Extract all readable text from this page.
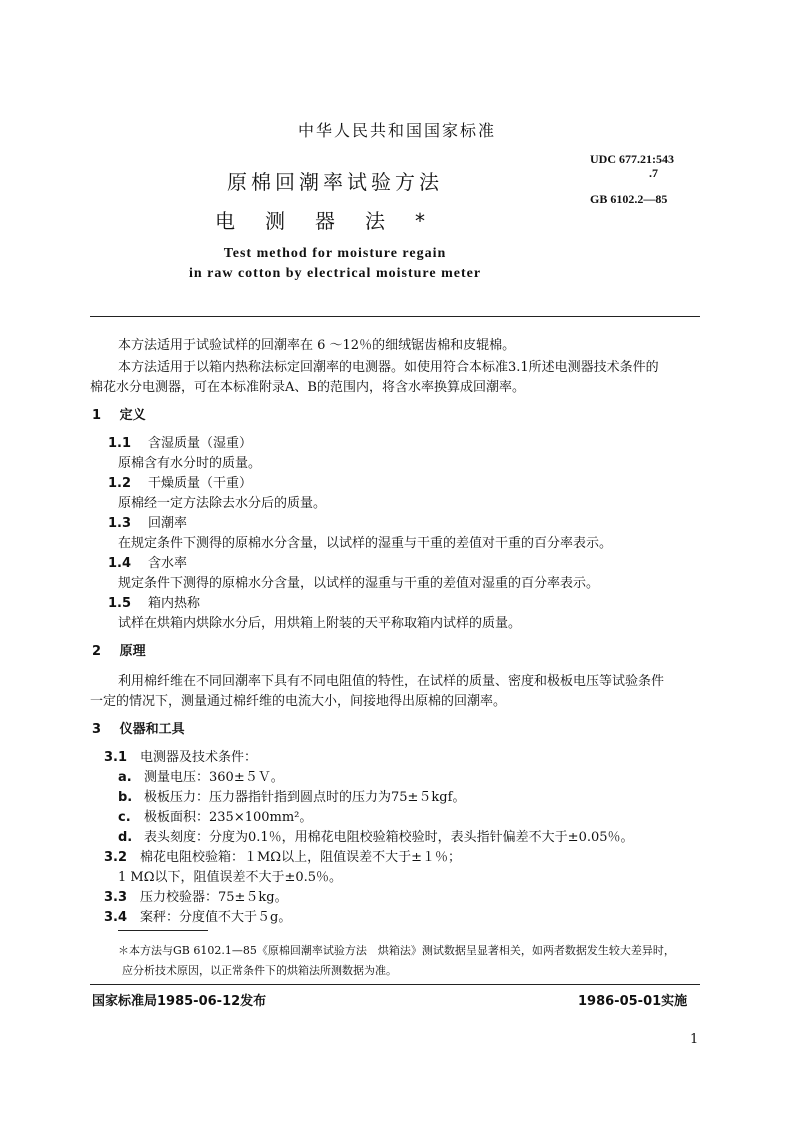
中华人民共和国国家标准
原棉回潮率试验方法
电测器法*
Test method for moisture regain
in raw cotton by electrical moisture meter
UDC 677.21:543
.7
GB 6102.2—85
本方法适用于试验试样的回潮率在 6 ～12％的细绒锯齿棉和皮辊棉。
本方法适用于以箱内热称法标定回潮率的电测器。如使用符合本标准3.1所述电测器技术条件的
棉花水分电测器，可在本标准附录A、B的范围内，将含水率换算成回潮率。
1 定义
1.1 含湿质量（湿重）
原棉含有水分时的质量。
1.2 干燥质量（干重）
原棉经一定方法除去水分后的质量。
1.3 回潮率
在规定条件下测得的原棉水分含量，以试样的湿重与干重的差值对干重的百分率表示。
1.4 含水率
规定条件下测得的原棉水分含量，以试样的湿重与干重的差值对湿重的百分率表示。
1.5 箱内热称
试样在烘箱内烘除水分后，用烘箱上附装的天平称取箱内试样的质量。
2 原理
利用棉纤维在不同回潮率下具有不同电阻值的特性，在试样的质量、密度和极板电压等试验条件
一定的情况下，测量通过棉纤维的电流大小，间接地得出原棉的回潮率。
3 仪器和工具
3.1 电测器及技术条件：
a. 测量电压：360±５Ｖ。
b. 极板压力：压力器指针指到圆点时的压力为75±５kgf。
c. 极板面积：235×100mm²。
d. 表头刻度：分度为0.1％，用棉花电阻校验箱校验时，表头指针偏差不大于±0.05％。
3.2 棉花电阻校验箱：１MΩ以上，阻值误差不大于±１％；
1 MΩ以下，阻值误差不大于±0.5％。
3.3 压力校验器：75±５kg。
3.4 案秤：分度值不大于５g。
＊本方法与GB 6102.1—85《原棉回潮率试验方法　烘箱法》测试数据呈显著相关，如两者数据发生较大差异时，
应分析技术原因，以正常条件下的烘箱法所测数据为准。
国家标准局1985-06-12发布	1986-05-01实施
1
